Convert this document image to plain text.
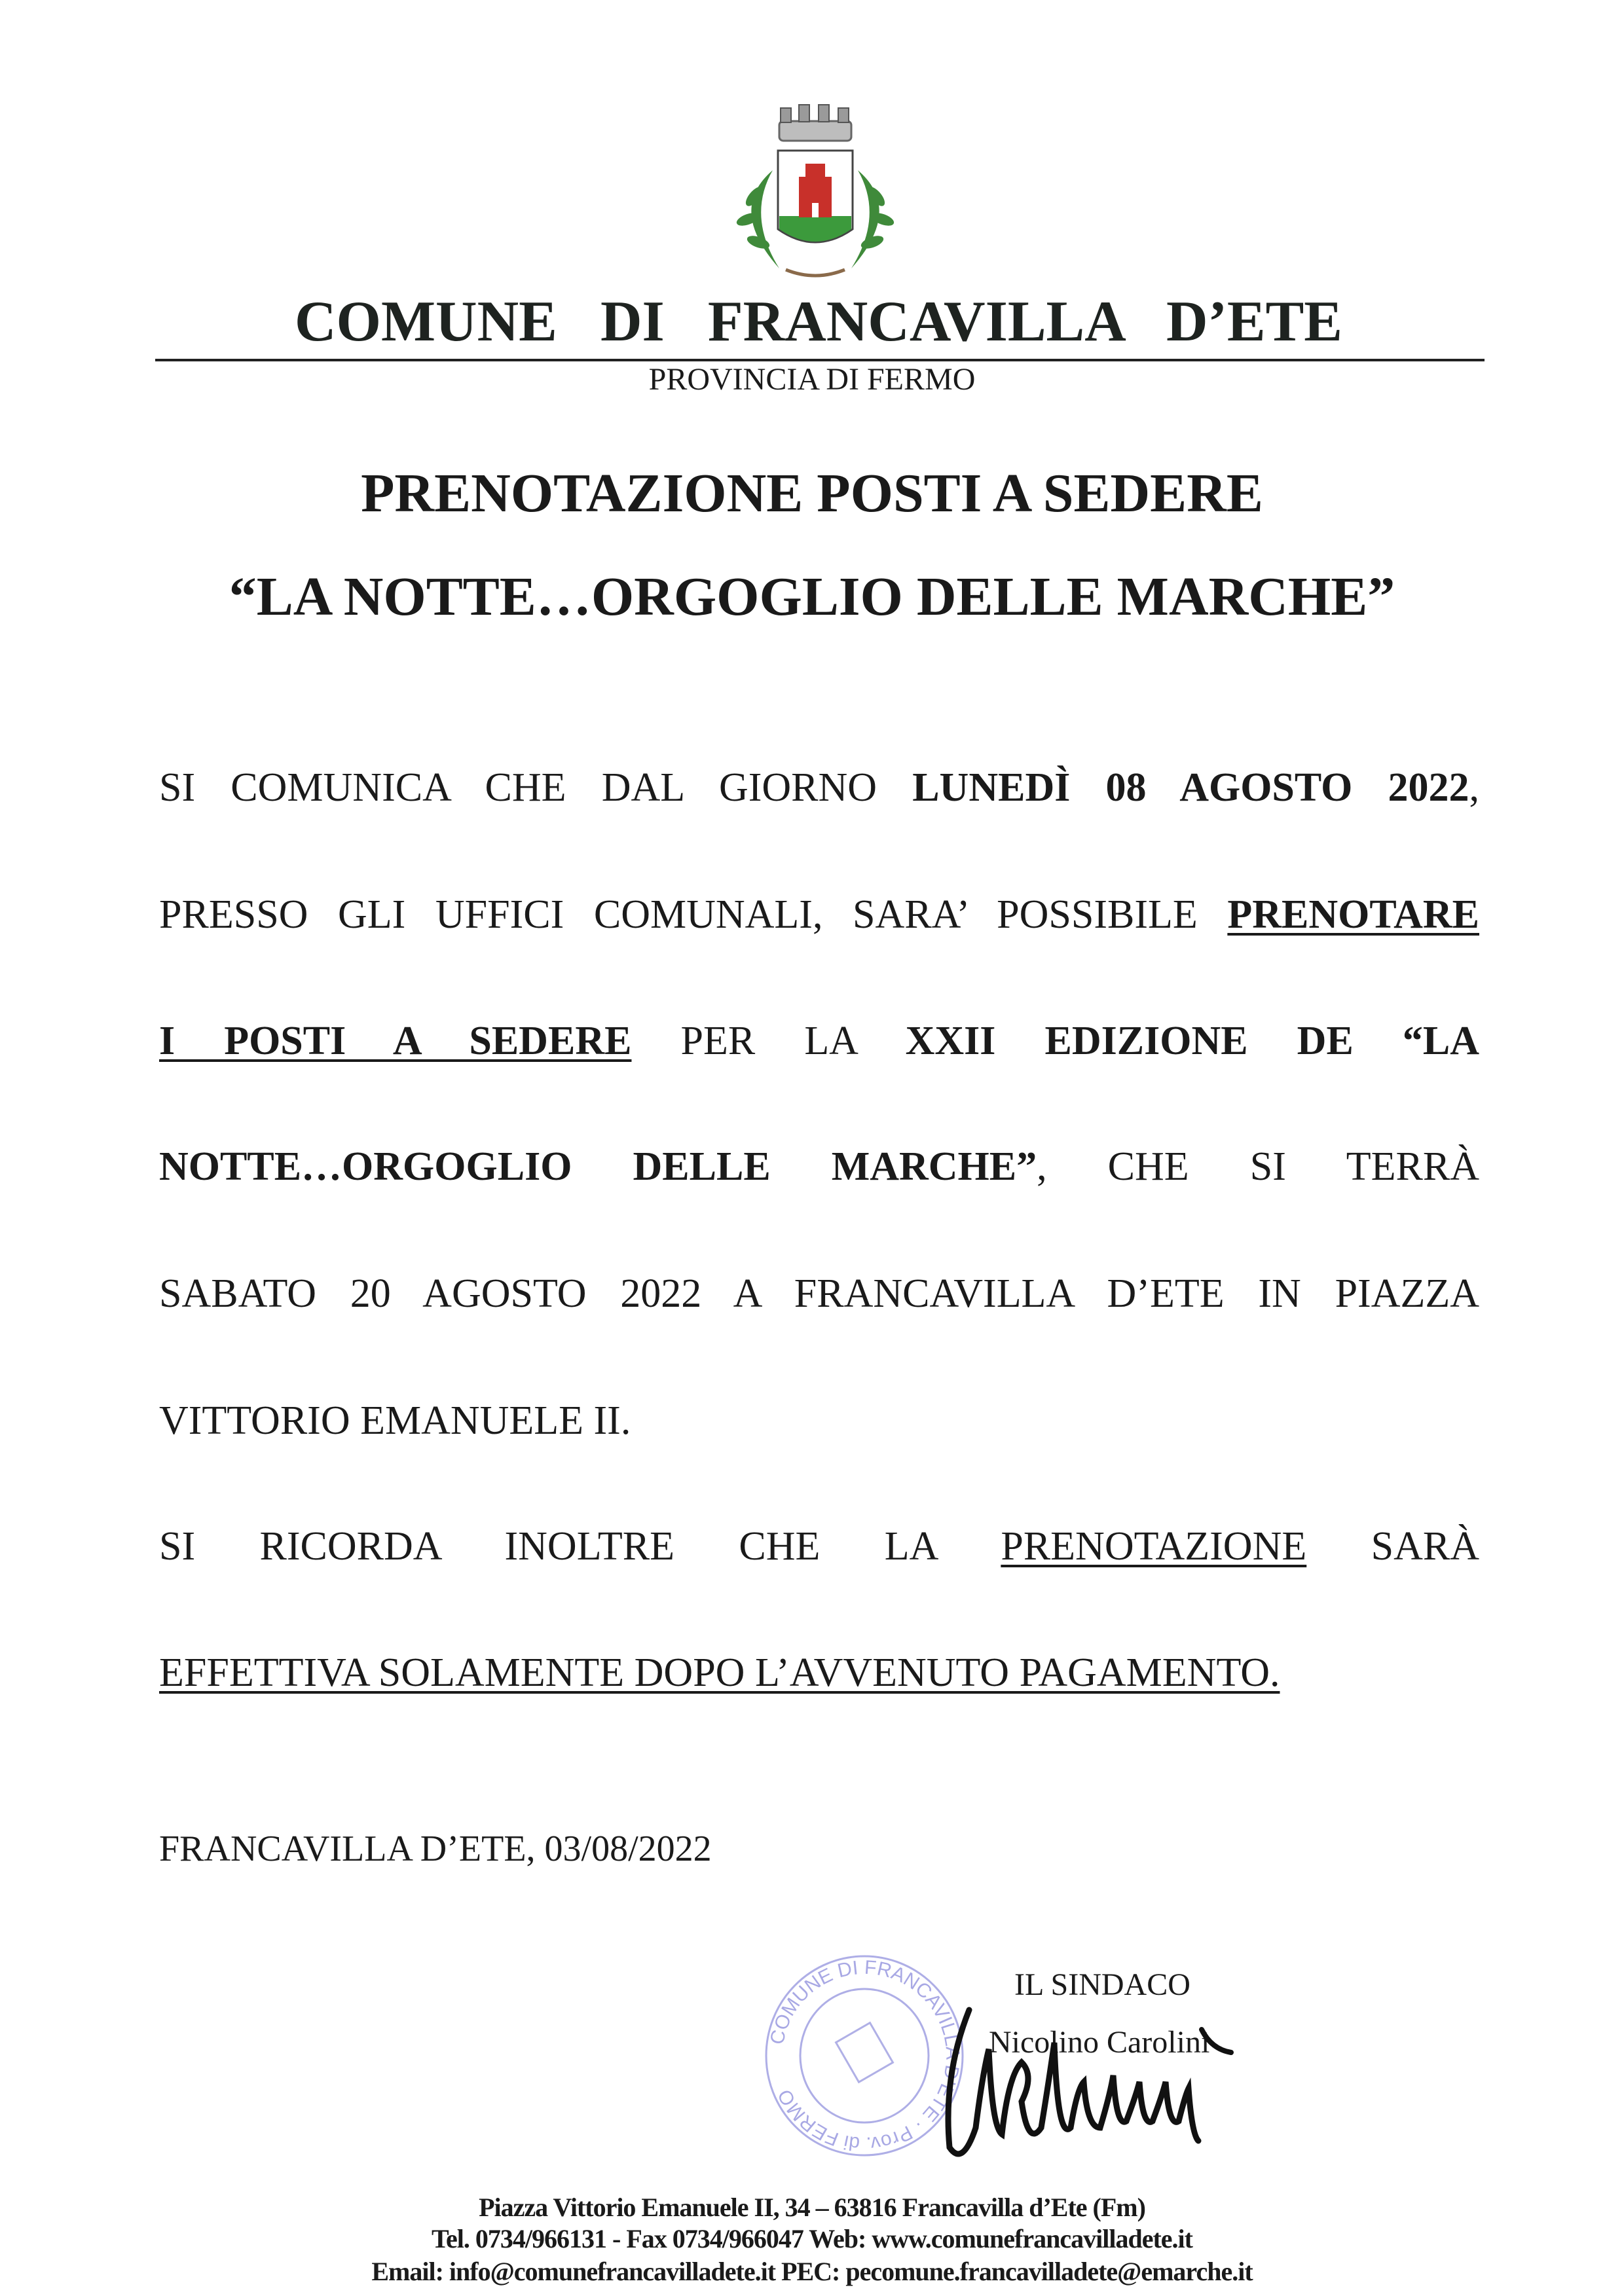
COMUNE DI FRANCAVILLA D’ETE
PROVINCIA DI FERMO
PRENOTAZIONE POSTI A SEDERE
“LA NOTTE…ORGOGLIO DELLE MARCHE”
SI COMUNICA CHE DAL GIORNO LUNEDÌ 08 AGOSTO 2022,
PRESSO GLI UFFICI COMUNALI, SARA’ POSSIBILE PRENOTARE
I POSTI A SEDERE PER LA XXII EDIZIONE DE “LA
NOTTE…ORGOGLIO DELLE MARCHE”, CHE SI TERRÀ
SABATO 20 AGOSTO 2022 A FRANCAVILLA D’ETE IN PIAZZA
VITTORIO EMANUELE II.
SI RICORDA INOLTRE CHE LA PRENOTAZIONE SARÀ
EFFETTIVA SOLAMENTE DOPO L’AVVENUTO PAGAMENTO.
FRANCAVILLA D’ETE, 03/08/2022
COMUNE DI FRANCAVILLA D’ETE · Prov. di FERMO
IL SINDACO
Nicolino Carolini
Piazza Vittorio Emanuele II, 34 – 63816 Francavilla d’Ete (Fm)
Tel. 0734/966131 - Fax 0734/966047 Web: www.comunefrancavilladete.it
Email: info@comunefrancavilladete.it PEC: pecomune.francavilladete@emarche.it
